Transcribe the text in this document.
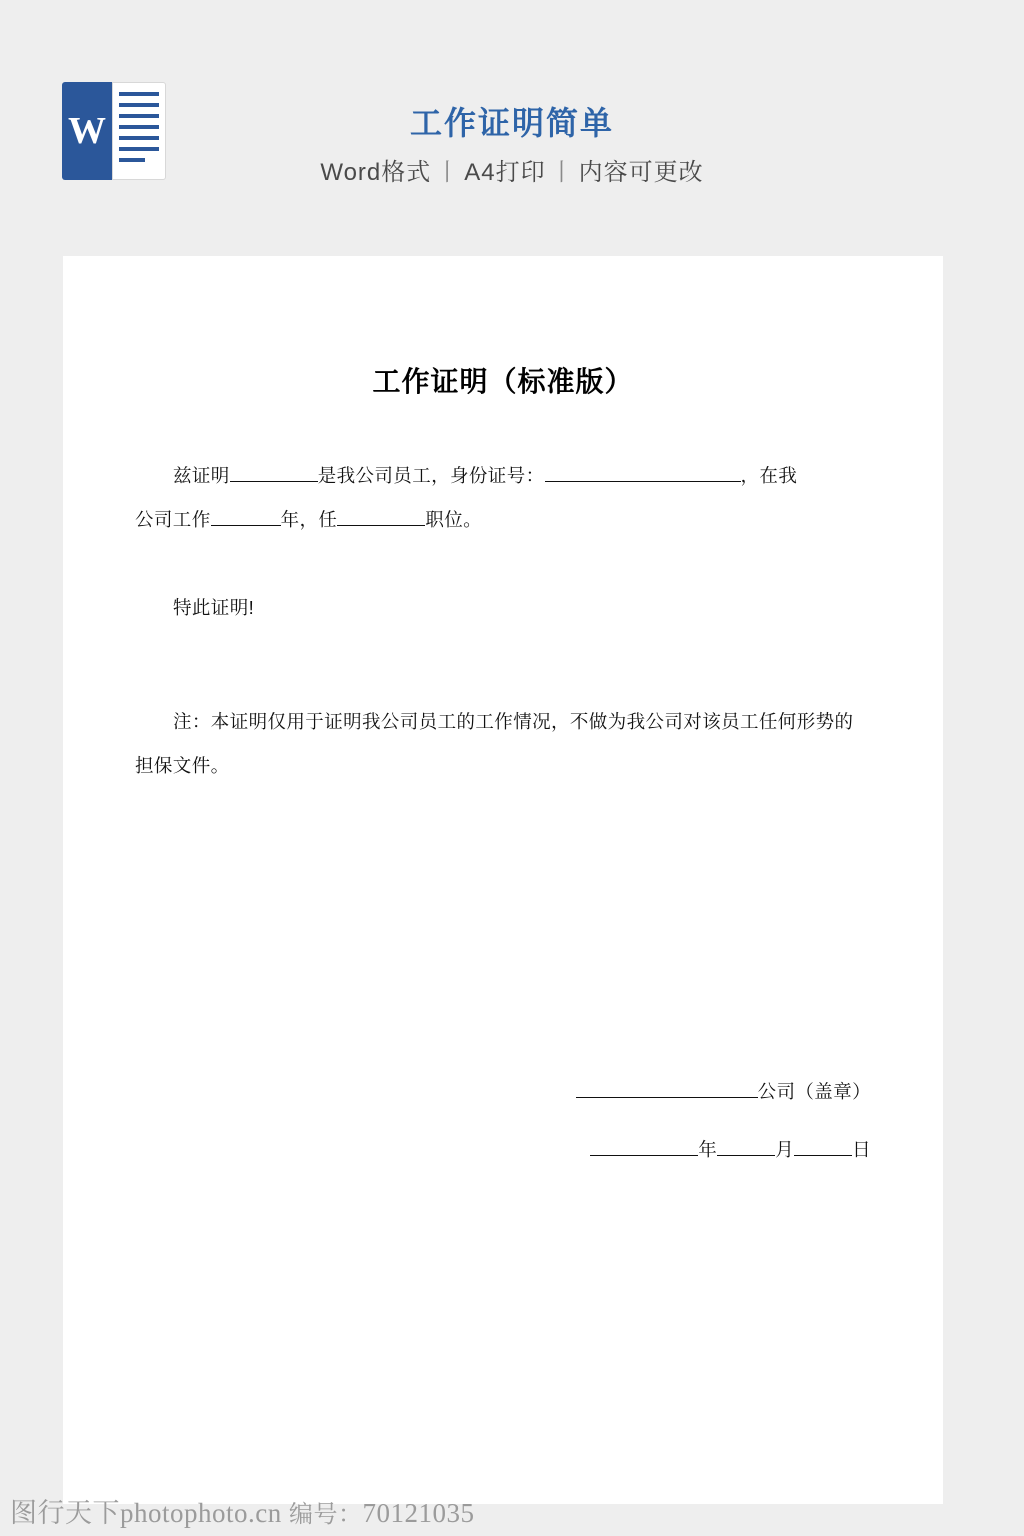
W	工作证明简单
Word格式 丨 A4打印 丨 内容可更改
工作证明（标准版）
兹证明	是我公司员工，身份证号：	，在我
公司工作	年，任	职位。
特此证明!
注：本证明仅用于证明我公司员工的工作情况，不做为我公司对该员工任何形势的担保文件。
公司（盖章）
年	月	日
图行天下photophoto.cn 编号：70121035
